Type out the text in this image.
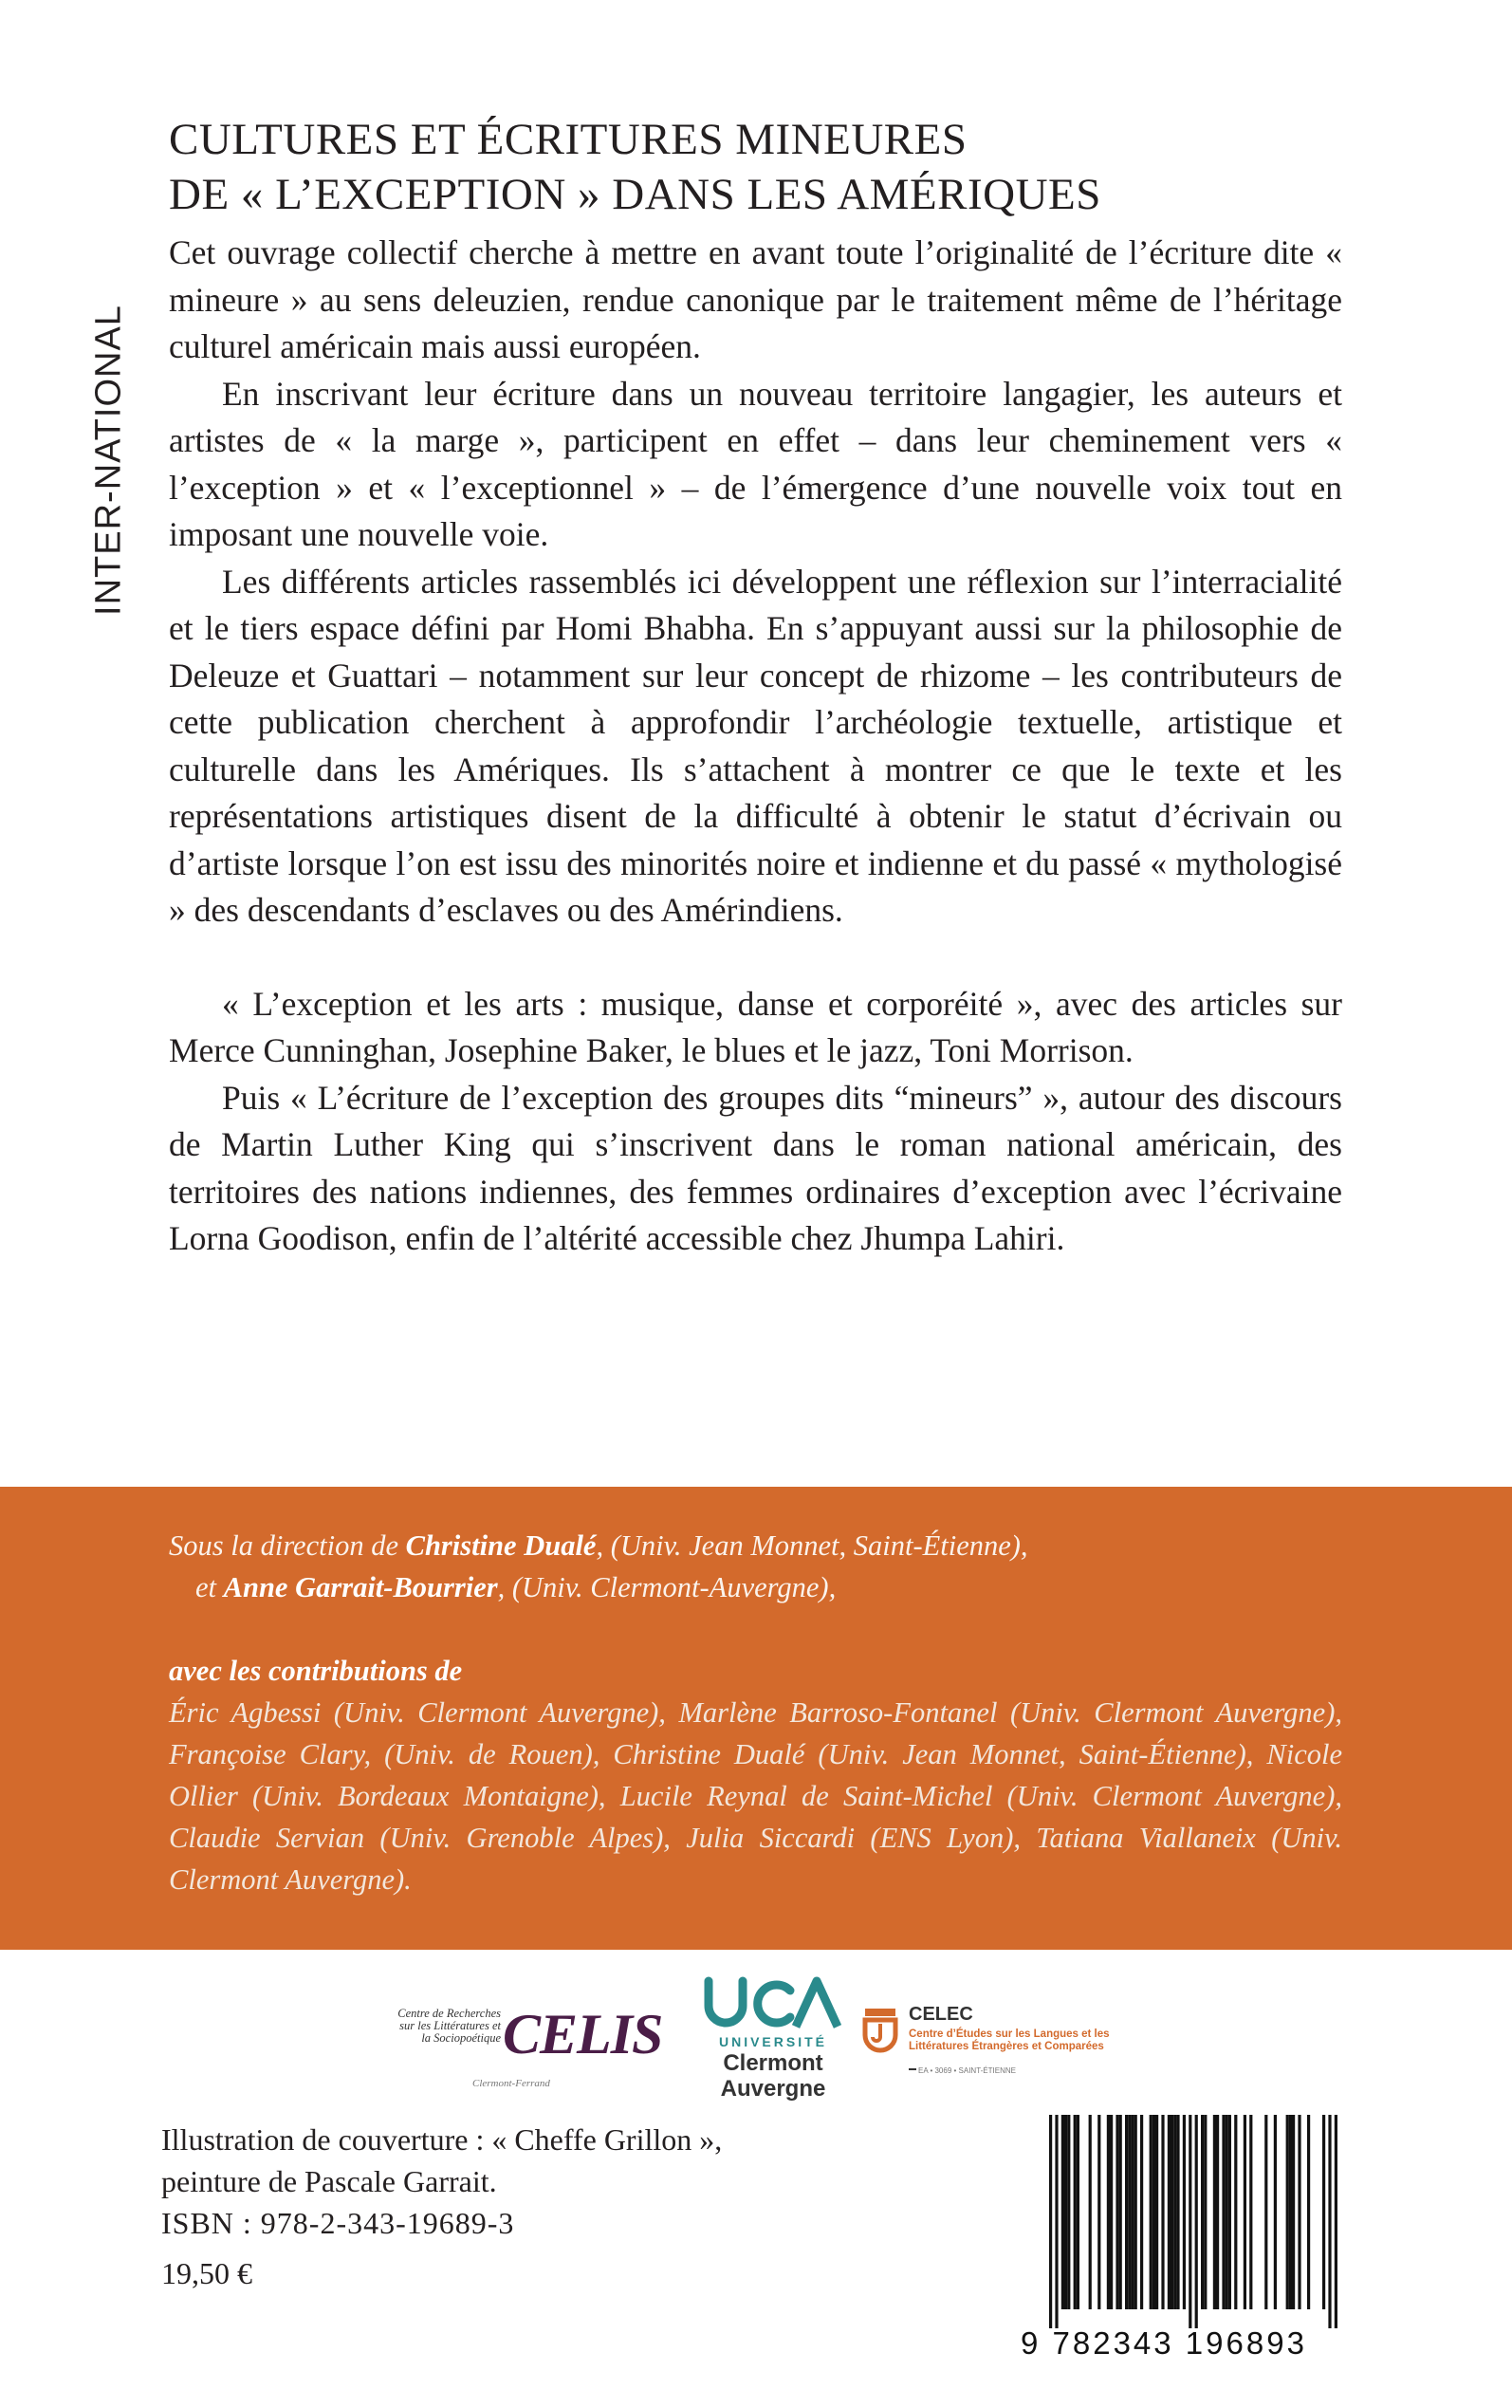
INTER-NATIONAL
CULTURES ET ÉCRITURES MINEURES
DE « L’EXCEPTION » DANS LES AMÉRIQUES

Cet ouvrage collectif cherche à mettre en avant toute l’originalité de l’écriture dite « mineure » au sens deleuzien, rendue canonique par le traitement même de l’héritage culturel américain mais aussi européen.

En inscrivant leur écriture dans un nouveau territoire langagier, les auteurs et artistes de « la marge », participent en effet – dans leur cheminement vers « l’exception » et « l’exceptionnel » – de l’émergence d’une nouvelle voix tout en imposant une nouvelle voie.

Les différents articles rassemblés ici développent une réflexion sur l’interracialité et le tiers espace défini par Homi Bhabha. En s’appuyant aussi sur la philosophie de Deleuze et Guattari – notamment sur leur concept de rhizome – les contributeurs de cette publication cherchent à approfondir l’archéologie textuelle, artistique et culturelle dans les Amériques. Ils s’attachent à montrer ce que le texte et les représentations artistiques disent de la difficulté à obtenir le statut d’écrivain ou d’artiste lorsque l’on est issu des minorités noire et indienne et du passé « mythologisé » des descendants d’esclaves ou des Amérindiens.

« L’exception et les arts : musique, danse et corporéité », avec des articles sur Merce Cunninghan, Josephine Baker, le blues et le jazz, Toni Morrison.

Puis « L’écriture de l’exception des groupes dits “mineurs” », autour des discours de Martin Luther King qui s’inscrivent dans le roman national américain, des territoires des nations indiennes, des femmes ordinaires d’exception avec l’écrivaine Lorna Goodison, enfin de l’altérité accessible chez Jhumpa Lahiri.

Sous la direction de Christine Dualé, (Univ. Jean Monnet, Saint-Étienne),

et Anne Garrait-Bourrier, (Univ. Clermont-Auvergne),

avec les contributions de

Éric Agbessi (Univ. Clermont Auvergne), Marlène Barroso-Fontanel (Univ. Clermont Auvergne), Françoise Clary, (Univ. de Rouen), Christine Dualé (Univ. Jean Monnet, Saint-Étienne), Nicole Ollier (Univ. Bordeaux Montaigne), Lucile Reynal de Saint-Michel (Univ. Clermont Auvergne), Claudie Servian (Univ. Grenoble Alpes), Julia Siccardi (ENS Lyon), Tatiana Viallaneix (Univ. Clermont Auvergne).

Centre de Recherches sur les Littératures et la Sociopoétique CELIS
Clermont-Ferrand
UNIVERSITÉ
Clermont
Auvergne
CELEC
Centre d’Études sur les Langues et les Littératures Étrangères et Comparées
EA • 3069 • SAINT-ÉTIENNE

Illustration de couverture : « Cheffe Grillon »,

peinture de Pascale Garrait.

ISBN : 978-2-343-19689-3
19,50 €
9 782343 196893
